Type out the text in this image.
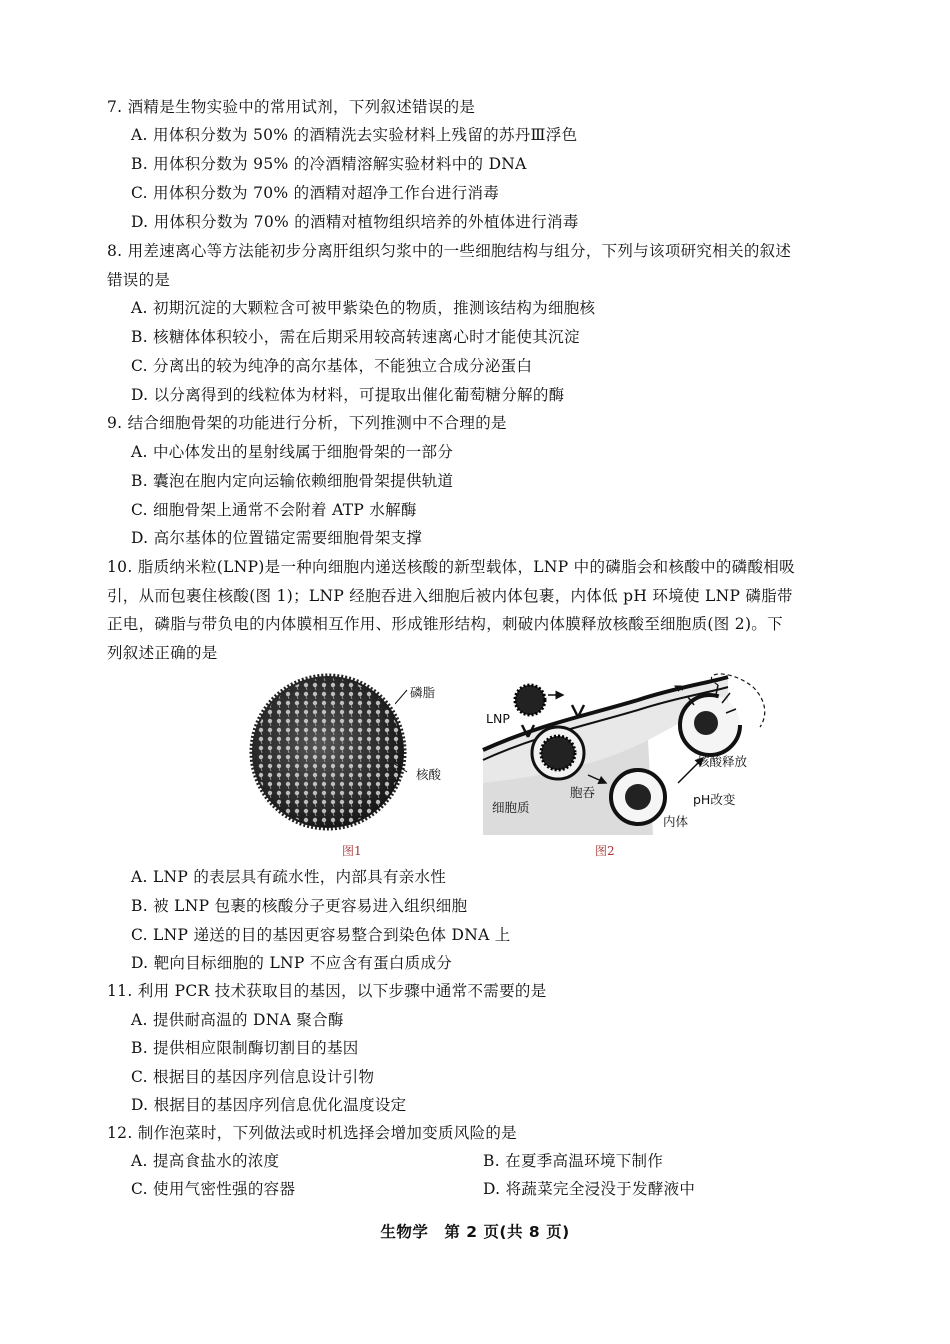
7. 酒精是生物实验中的常用试剂，下列叙述错误的是
A. 用体积分数为 50% 的酒精洗去实验材料上残留的苏丹Ⅲ浮色
B. 用体积分数为 95% 的冷酒精溶解实验材料中的 DNA
C. 用体积分数为 70% 的酒精对超净工作台进行消毒
D. 用体积分数为 70% 的酒精对植物组织培养的外植体进行消毒
8. 用差速离心等方法能初步分离肝组织匀浆中的一些细胞结构与组分，下列与该项研究相关的叙述
错误的是
A. 初期沉淀的大颗粒含可被甲紫染色的物质，推测该结构为细胞核
B. 核糖体体积较小，需在后期采用较高转速离心时才能使其沉淀
C. 分离出的较为纯净的高尔基体，不能独立合成分泌蛋白
D. 以分离得到的线粒体为材料，可提取出催化葡萄糖分解的酶
9. 结合细胞骨架的功能进行分析，下列推测中不合理的是
A. 中心体发出的星射线属于细胞骨架的一部分
B. 囊泡在胞内定向运输依赖细胞骨架提供轨道
C. 细胞骨架上通常不会附着 ATP 水解酶
D. 高尔基体的位置锚定需要细胞骨架支撑
10. 脂质纳米粒(LNP)是一种向细胞内递送核酸的新型载体，LNP 中的磷脂会和核酸中的磷酸相吸
引，从而包裹住核酸(图 1)；LNP 经胞吞进入细胞后被内体包裹，内体低 pH 环境使 LNP 磷脂带
正电，磷脂与带负电的内体膜相互作用、形成锥形结构，刺破内体膜释放核酸至细胞质(图 2)。下
列叙述正确的是
磷脂
核酸
图1
LNP
核酸释放
细胞质
胞吞	pH改变
内体
图2
A. LNP 的表层具有疏水性，内部具有亲水性
B. 被 LNP 包裹的核酸分子更容易进入组织细胞
C. LNP 递送的目的基因更容易整合到染色体 DNA 上
D. 靶向目标细胞的 LNP 不应含有蛋白质成分
11. 利用 PCR 技术获取目的基因，以下步骤中通常不需要的是
A. 提供耐高温的 DNA 聚合酶
B. 提供相应限制酶切割目的基因
C. 根据目的基因序列信息设计引物
D. 根据目的基因序列信息优化温度设定
12. 制作泡菜时，下列做法或时机选择会增加变质风险的是
A. 提高食盐水的浓度	B. 在夏季高温环境下制作
C. 使用气密性强的容器	D. 将蔬菜完全浸没于发酵液中
生物学　第 2 页(共 8 页)
